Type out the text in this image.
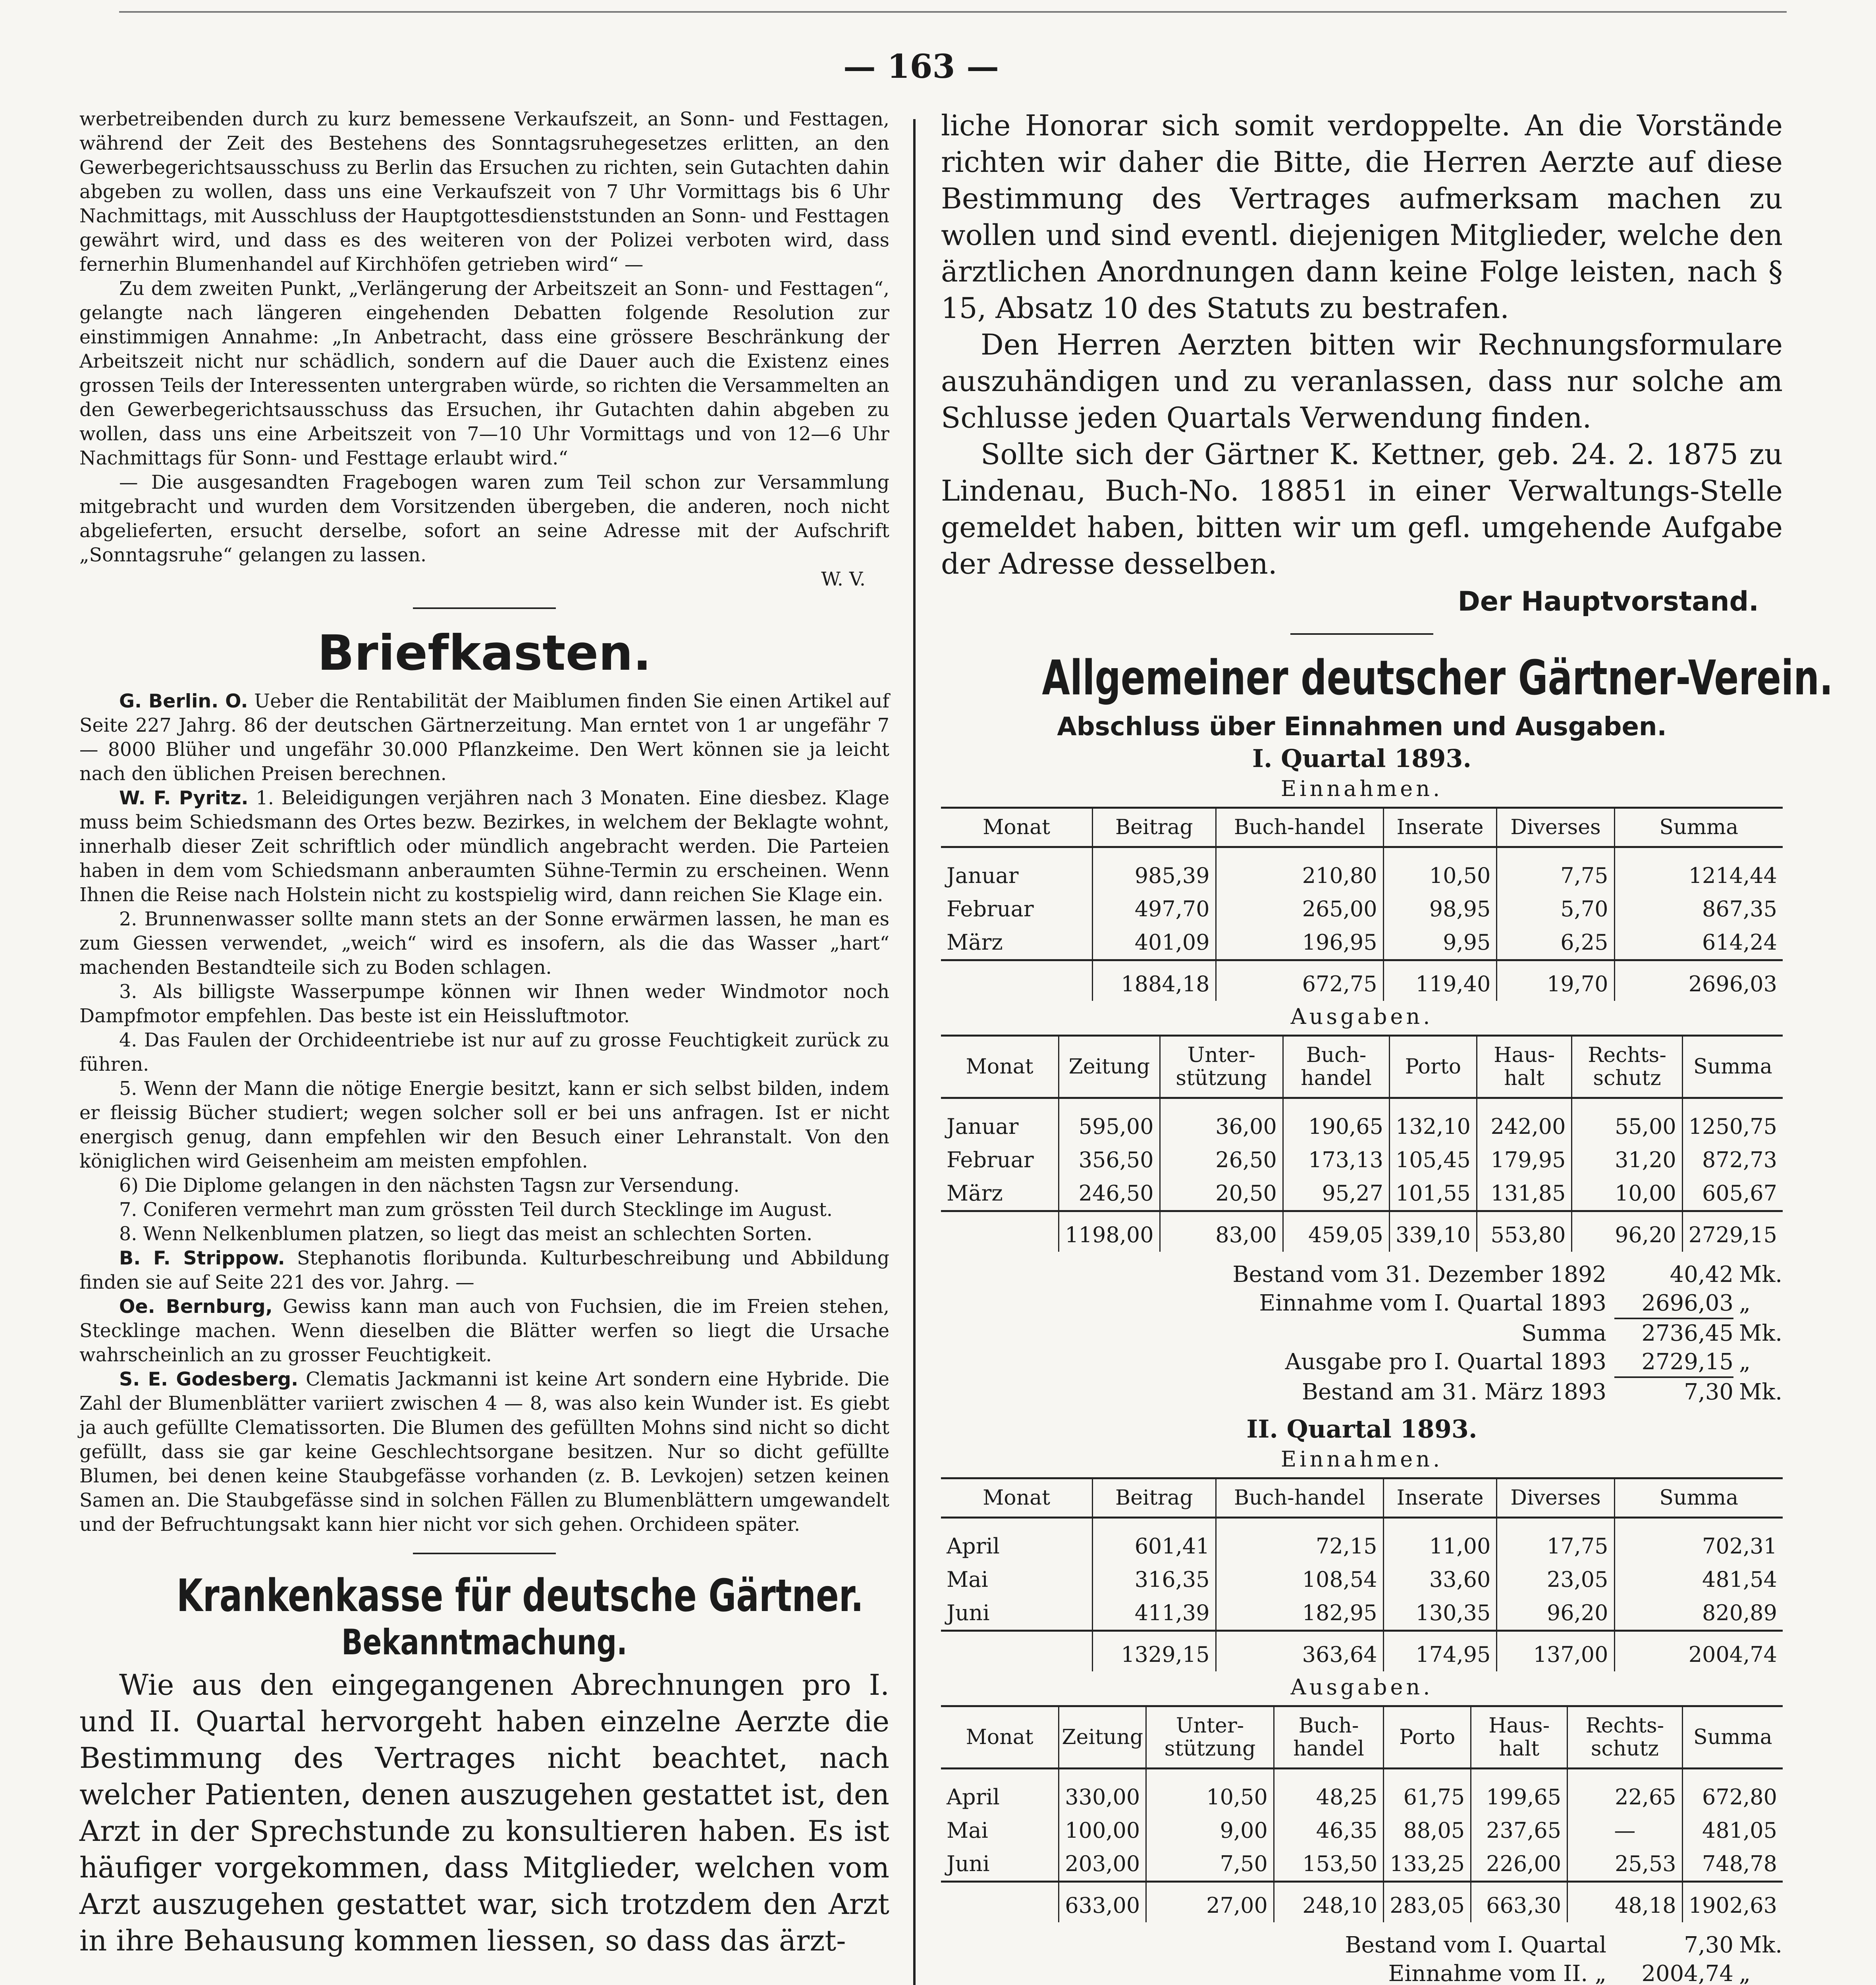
— 163 —

werbetreibenden durch zu kurz bemessene Verkaufszeit, an Sonn- und Festtagen, während der Zeit des Bestehens des Sonntagsruhegesetzes erlitten, an den Gewerbegerichtsausschuss zu Berlin das Ersuchen zu richten, sein Gutachten dahin abgeben zu wollen, dass uns eine Verkaufszeit von 7 Uhr Vormittags bis 6 Uhr Nachmittags, mit Ausschluss der Hauptgottesdienststunden an Sonn- und Festtagen gewährt wird, und dass es des weiteren von der Polizei verboten wird, dass fernerhin Blumenhandel auf Kirchhöfen getrieben wird“ —

Zu dem zweiten Punkt, „Verlängerung der Arbeitszeit an Sonn- und Festtagen“, gelangte nach längeren eingehenden Debatten folgende Resolution zur einstimmigen Annahme: „In Anbetracht, dass eine grössere Beschränkung der Arbeitszeit nicht nur schädlich, sondern auf die Dauer auch die Existenz eines grossen Teils der Interessenten untergraben würde, so richten die Versammelten an den Gewerbegerichtsausschuss das Ersuchen, ihr Gutachten dahin abgeben zu wollen, dass uns eine Arbeitszeit von 7—10 Uhr Vormittags und von 12—6 Uhr Nachmittags für Sonn- und Festtage erlaubt wird.“

— Die ausgesandten Fragebogen waren zum Teil schon zur Versammlung mitgebracht und wurden dem Vorsitzenden übergeben, die anderen, noch nicht abgelieferten, ersucht derselbe, sofort an seine Adresse mit der Aufschrift „Sonntagsruhe“ gelangen zu lassen.

W. V.

Briefkasten.

G. Berlin. O. Ueber die Rentabilität der Maiblumen finden Sie einen Artikel auf Seite 227 Jahrg. 86 der deutschen Gärtnerzeitung. Man erntet von 1 ar ungefähr 7 — 8000 Blüher und ungefähr 30.000 Pflanzkeime. Den Wert können sie ja leicht nach den üblichen Preisen berechnen.

W. F. Pyritz. 1. Beleidigungen verjähren nach 3 Monaten. Eine diesbez. Klage muss beim Schiedsmann des Ortes bezw. Bezirkes, in welchem der Beklagte wohnt, innerhalb dieser Zeit schriftlich oder mündlich angebracht werden. Die Parteien haben in dem vom Schiedsmann anberaumten Sühne-Termin zu erscheinen. Wenn Ihnen die Reise nach Holstein nicht zu kostspielig wird, dann reichen Sie Klage ein.

2. Brunnenwasser sollte mann stets an der Sonne erwärmen lassen, he man es zum Giessen verwendet, „weich“ wird es insofern, als die das Wasser „hart“ machenden Bestandteile sich zu Boden schlagen.

3. Als billigste Wasserpumpe können wir Ihnen weder Windmotor noch Dampfmotor empfehlen. Das beste ist ein Heissluftmotor.

4. Das Faulen der Orchideentriebe ist nur auf zu grosse Feuchtigkeit zurück zu führen.

5. Wenn der Mann die nötige Energie besitzt, kann er sich selbst bilden, indem er fleissig Bücher studiert; wegen solcher soll er bei uns anfragen. Ist er nicht energisch genug, dann empfehlen wir den Besuch einer Lehranstalt. Von den königlichen wird Geisenheim am meisten empfohlen.

6) Die Diplome gelangen in den nächsten Tagsn zur Versendung.

7. Coniferen vermehrt man zum grössten Teil durch Stecklinge im August.

8. Wenn Nelkenblumen platzen, so liegt das meist an schlechten Sorten.

B. F. Strippow. Stephanotis floribunda. Kulturbeschreibung und Abbildung finden sie auf Seite 221 des vor. Jahrg. —

Oe. Bernburg, Gewiss kann man auch von Fuchsien, die im Freien stehen, Stecklinge machen. Wenn dieselben die Blätter werfen so liegt die Ursache wahrscheinlich an zu grosser Feuchtigkeit.

S. E. Godesberg. Clematis Jackmanni ist keine Art sondern eine Hybride. Die Zahl der Blumenblätter variiert zwischen 4 — 8, was also kein Wunder ist. Es giebt ja auch gefüllte Clematissorten. Die Blumen des gefüllten Mohns sind nicht so dicht gefüllt, dass sie gar keine Geschlechtsorgane besitzen. Nur so dicht gefüllte Blumen, bei denen keine Staubgefässe vorhanden (z. B. Levkojen) setzen keinen Samen an. Die Staubgefässe sind in solchen Fällen zu Blumenblättern umgewandelt und der Befruchtungsakt kann hier nicht vor sich gehen. Orchideen später.

Krankenkasse für deutsche Gärtner.
Bekanntmachung.

Wie aus den eingegangenen Abrechnungen pro I. und II. Quartal hervorgeht haben einzelne Aerzte die Bestimmung des Vertrages nicht beachtet, nach welcher Patienten, denen auszugehen gestattet ist, den Arzt in der Sprechstunde zu konsultieren haben. Es ist häufiger vorgekommen, dass Mitglieder, welchen vom Arzt auszugehen gestattet war, sich trotzdem den Arzt in ihre Behausung kommen liessen, so dass das ärzt-

liche Honorar sich somit verdoppelte. An die Vorstände richten wir daher die Bitte, die Herren Aerzte auf diese Bestimmung des Vertrages aufmerksam machen zu wollen und sind eventl. diejenigen Mitglieder, welche den ärztlichen Anordnungen dann keine Folge leisten, nach § 15, Absatz 10 des Statuts zu bestrafen.

Den Herren Aerzten bitten wir Rechnungsformulare auszuhändigen und zu veranlassen, dass nur solche am Schlusse jeden Quartals Verwendung finden.

Sollte sich der Gärtner K. Kettner, geb. 24. 2. 1875 zu Lindenau, Buch-No. 18851 in einer Verwaltungs-Stelle gemeldet haben, bitten wir um gefl. umgehende Aufgabe der Adresse desselben.

Der Hauptvorstand.
Allgemeiner deutscher Gärtner-Verein.
Abschluss über Einnahmen und Ausgaben.
I. Quartal 1893.
Einnahmen.
Monat	Beitrag	Buch-handel	Inserate	Diverses	Summa
Januar	985,39	210,80	10,50	7,75	1214,44
Februar	497,70	265,00	98,95	5,70	867,35
März	401,09	196,95	9,95	6,25	614,24
	1884,18	672,75	119,40	19,70	2696,03
Ausgaben.
Monat	Zeitung	Unter-stützung	Buch-handel	Porto	Haus-halt	Rechts-schutz	Summa
Januar	595,00	36,00	190,65	132,10	242,00	55,00	1250,75
Februar	356,50	26,50	173,13	105,45	179,95	31,20	872,73
März	246,50	20,50	95,27	101,55	131,85	10,00	605,67
	1198,00	83,00	459,05	339,10	553,80	96,20	2729,15
Bestand vom 31. Dezember 1892	40,42 Mk.
Einnahme vom I. Quartal 1893	2696,03 „
Summa	2736,45 Mk.
Ausgabe pro I. Quartal 1893	2729,15 „
Bestand am 31. März 1893	7,30 Mk.
II. Quartal 1893.
Einnahmen.
Monat	Beitrag	Buch-handel	Inserate	Diverses	Summa
April	601,41	72,15	11,00	17,75	702,31
Mai	316,35	108,54	33,60	23,05	481,54
Juni	411,39	182,95	130,35	96,20	820,89
	1329,15	363,64	174,95	137,00	2004,74
Ausgaben.
Monat	Zeitung	Unter-stützung	Buch-handel	Porto	Haus-halt	Rechts-schutz	Summa
April	330,00	10,50	48,25	61,75	199,65	22,65	672,80
Mai	100,00	9,00	46,35	88,05	237,65	—	481,05
Juni	203,00	7,50	153,50	133,25	226,00	25,53	748,78
	633,00	27,00	248,10	283,05	663,30	48,18	1902,63
Bestand vom I. Quartal	7,30 Mk.
Einnahme vom II. „	2004,74 „
